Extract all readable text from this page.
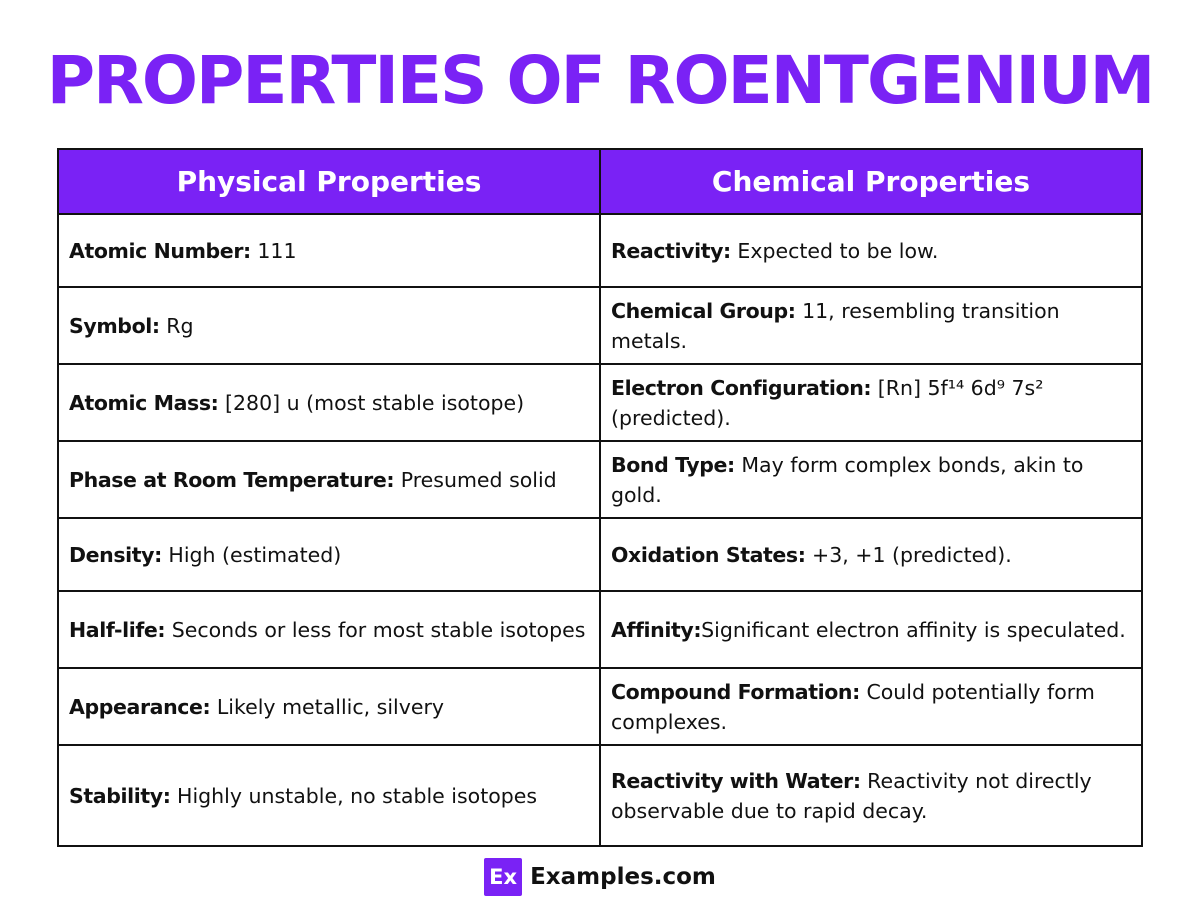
PROPERTIES OF ROENTGENIUM
Physical Properties	Chemical Properties
Atomic Number: 111	Reactivity: Expected to be low.
Symbol: Rg	Chemical Group: 11, resembling transition metals.
Atomic Mass: [280] u (most stable isotope)	Electron Configuration: [Rn] 5f¹⁴ 6d⁹ 7s² (predicted).
Phase at Room Temperature: Presumed solid	Bond Type: May form complex bonds, akin to gold.
Density: High (estimated)	Oxidation States: +3, +1 (predicted).
Half-life: Seconds or less for most stable isotopes	Affinity:Significant electron affinity is speculated.
Appearance: Likely metallic, silvery	Compound Formation: Could potentially form complexes.
Stability: Highly unstable, no stable isotopes	Reactivity with Water: Reactivity not directly observable due to rapid decay.
Ex Examples.com
